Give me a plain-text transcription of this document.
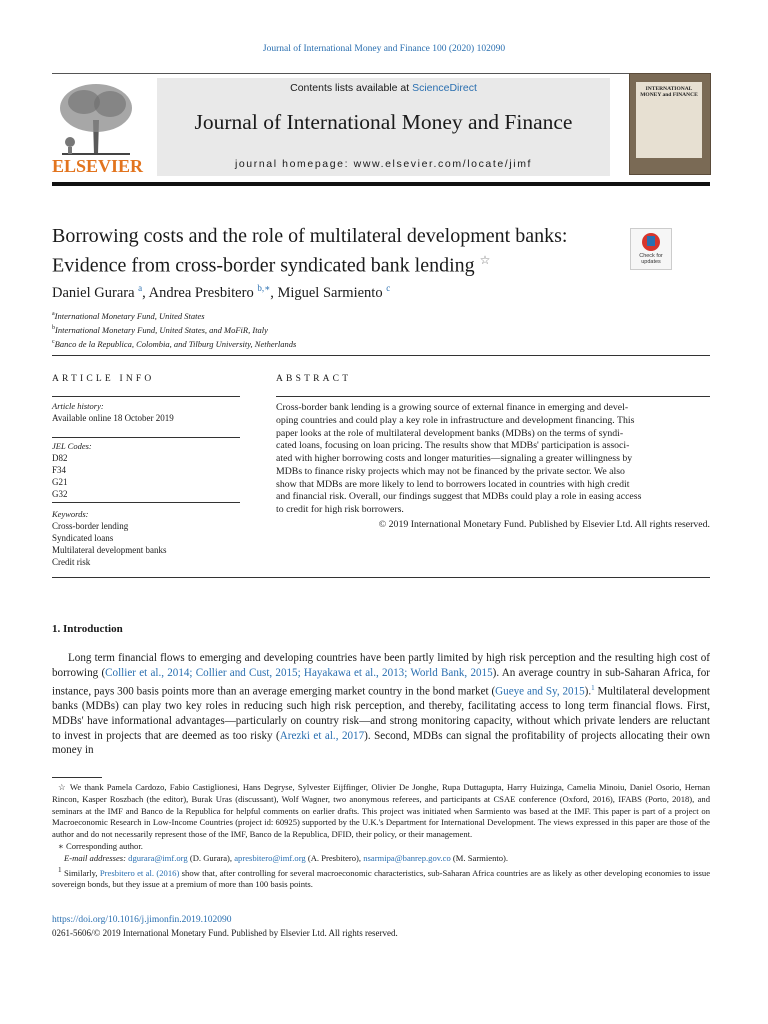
Journal of International Money and Finance 100 (2020) 102090
ELSEVIER
Contents lists available at ScienceDirect
Journal of International Money and Finance
journal homepage: www.elsevier.com/locate/jimf
INTERNATIONAL MONEY and FINANCE
Borrowing costs and the role of multilateral development banks: Evidence from cross-border syndicated bank lending ☆	Check for updates
Daniel Gurara $^a$, Andrea Presbitero $^{b,∗}$, Miguel Sarmiento $^c$
$^a$International Monetary Fund, United States
$^b$International Monetary Fund, United States, and MoFiR, Italy
$^c$Banco de la Republica, Colombia, and Tilburg University, Netherlands
ARTICLE INFO	ABSTRACT
Article history:
Available online 18 October 2019
JEL Codes:
D82
F34
G21
G32
Keywords:
Cross-border lending
Syndicated loans
Multilateral development banks
Credit risk
Cross-border bank lending is a growing source of external finance in emerging and devel-
oping countries and could play a key role in infrastructure and development financing. This
paper looks at the role of multilateral development banks (MDBs) on the terms of syndi-
cated loans, focusing on loan pricing. The results show that MDBs' participation is associ-
ated with higher borrowing costs and longer maturities—signaling a greater willingness by
MDBs to finance risky projects which may not be financed by the private sector. We also
show that MDBs are more likely to lend to borrowers located in countries with high credit
and financial risk. Overall, our findings suggest that MDBs could play a role in easing access
to credit for high risk borrowers.
© 2019 International Monetary Fund. Published by Elsevier Ltd. All rights reserved.
1. Introduction
Long term financial flows to emerging and developing countries have been partly limited by high risk perception and the resulting high cost of borrowing (Collier et al., 2014; Collier and Cust, 2015; Hayakawa et al., 2013; World Bank, 2015). An average country in sub-Saharan Africa, for instance, pays 300 basis points more than an average emerging market country in the bond market (Gueye and Sy, 2015).$^1$ Multilateral development banks (MDBs) can play two key roles in reducing such high risk perception, and thereby, facilitating access to long term financial flows. First, MDBs' have informational advantages—particularly on country risk—and strong monitoring capacity, without which private lenders are reluctant to invest in projects that are deemed as too risky (Arezki et al., 2017). Second, MDBs can signal the profitability of projects allocating their own money in
☆ We thank Pamela Cardozo, Fabio Castiglionesi, Hans Degryse, Sylvester Eijffinger, Olivier De Jonghe, Rupa Duttagupta, Harry Huizinga, Camelia Minoiu, Daniel Osorio, Hernan Rincon, Kasper Roszbach (the editor), Burak Uras (discussant), Wolf Wagner, two anonymous referees, and participants at CSAE conference (Oxford, 2016), IFABS (Porto, 2018), and seminars at the IMF and Banco de la Republica for helpful comments on earlier drafts. This project was initiated when Sarmiento was based at the IMF. This paper is part of a project on Macroeconomic Research in Low-Income Countries (project id: 60925) supported by the U.K.'s Department for International Development. The views expressed in this paper are those of the author and do not necessarily represent those of the IMF, Banco de la Republica, DFID, their policy, or their management.
∗ Corresponding author.
E-mail addresses: dgurara@imf.org (D. Gurara), apresbitero@imf.org (A. Presbitero), nsarmipa@banrep.gov.co (M. Sarmiento).
$^1$ Similarly, Presbitero et al. (2016) show that, after controlling for several macroeconomic characteristics, sub-Saharan Africa countries are as likely as other developing economies to issue sovereign bonds, but they issue at a premium of more than 100 basis points.
https://doi.org/10.1016/j.jimonfin.2019.102090
0261-5606/© 2019 International Monetary Fund. Published by Elsevier Ltd. All rights reserved.
